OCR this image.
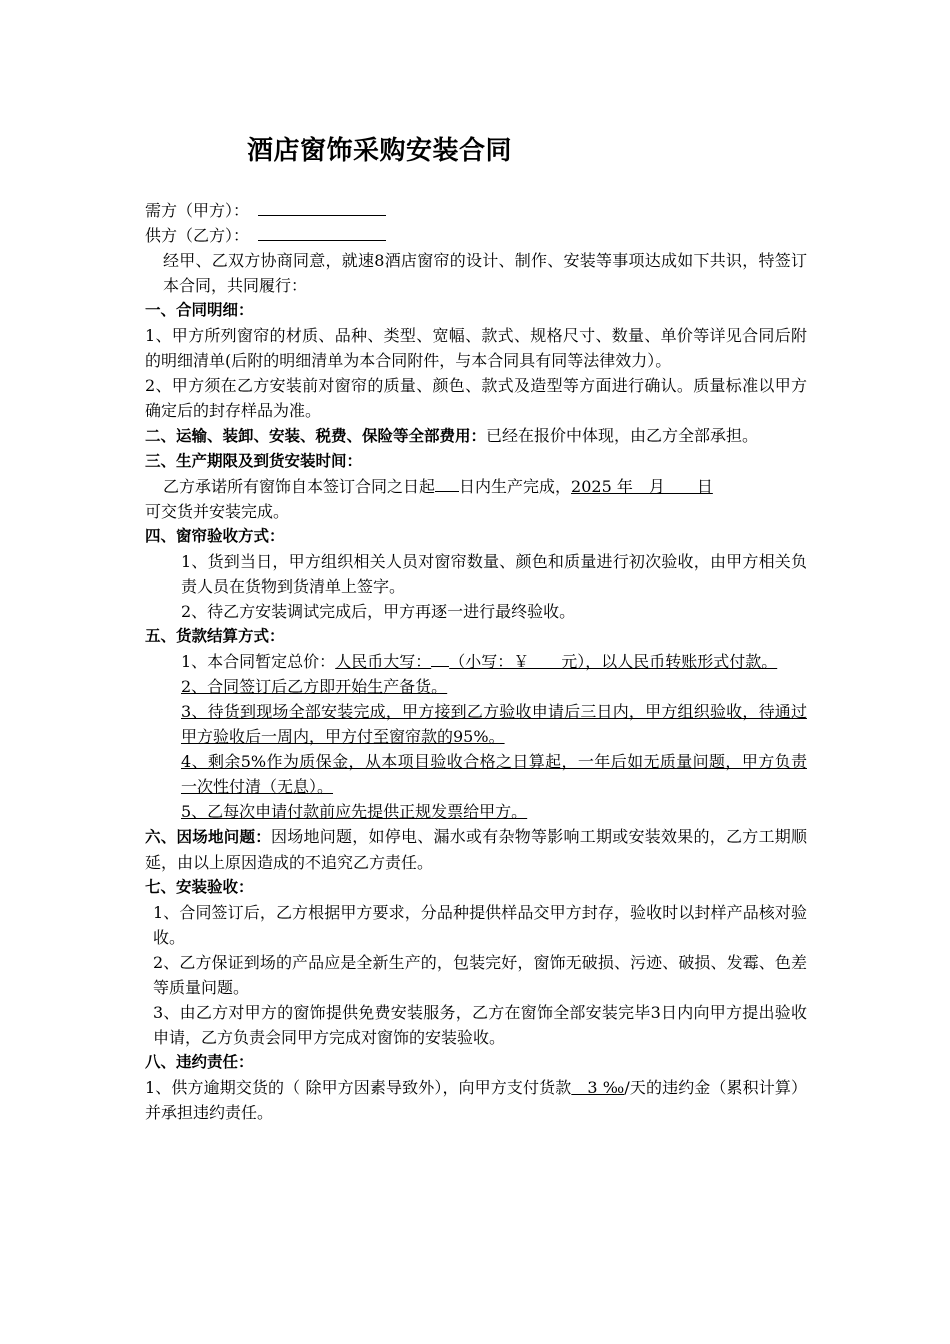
酒店窗饰采购安装合同
需方（甲方）：
供方（乙方）：
经甲、乙双方协商同意，就速8酒店窗帘的设计、制作、安装等事项达成如下共识，特签订本合同，共同履行：
一、合同明细：
1、甲方所列窗帘的材质、品种、类型、宽幅、款式、规格尺寸、数量、单价等详见合同后附的明细清单(后附的明细清单为本合同附件，与本合同具有同等法律效力）。
2、甲方须在乙方安装前对窗帘的质量、颜色、款式及造型等方面进行确认。质量标准以甲方确定后的封存样品为准。
二、运输、装卸、安装、税费、保险等全部费用：已经在报价中体现，由乙方全部承担。
三、生产期限及到货安装时间：
乙方承诺所有窗饰自本签订合同之日起 日内生产完成，2025 年　月　　日
可交货并安装完成。
四、窗帘验收方式：
1、货到当日，甲方组织相关人员对窗帘数量、颜色和质量进行初次验收，由甲方相关负责人员在货物到货清单上签字。
2、待乙方安装调试完成后，甲方再逐一进行最终验收。
五、货款结算方式：
1、本合同暂定总价：人民币大写： （小写：￥　　元），以人民币转账形式付款。
2、合同签订后乙方即开始生产备货。
3、待货到现场全部安装完成，甲方接到乙方验收申请后三日内，甲方组织验收，待通过甲方验收后一周内，甲方付至窗帘款的95%。
4、剩余5%作为质保金，从本项目验收合格之日算起，一年后如无质量问题，甲方负责一次性付清（无息）。
5、乙每次申请付款前应先提供正规发票给甲方。
六、因场地问题：因场地问题，如停电、漏水或有杂物等影响工期或安装效果的，乙方工期顺延，由以上原因造成的不追究乙方责任。
七、安装验收：
1、合同签订后，乙方根据甲方要求，分品种提供样品交甲方封存，验收时以封样产品核对验收。
2、乙方保证到场的产品应是全新生产的，包装完好，窗饰无破损、污迹、破损、发霉、色差等质量问题。
3、由乙方对甲方的窗饰提供免费安装服务，乙方在窗饰全部安装完毕3日内向甲方提出验收申请，乙方负责会同甲方完成对窗饰的安装验收。
八、违约责任：
1、供方逾期交货的（ 除甲方因素导致外），向甲方支付货款　3 ‰/天的违约金（累积计算）并承担违约责任。
